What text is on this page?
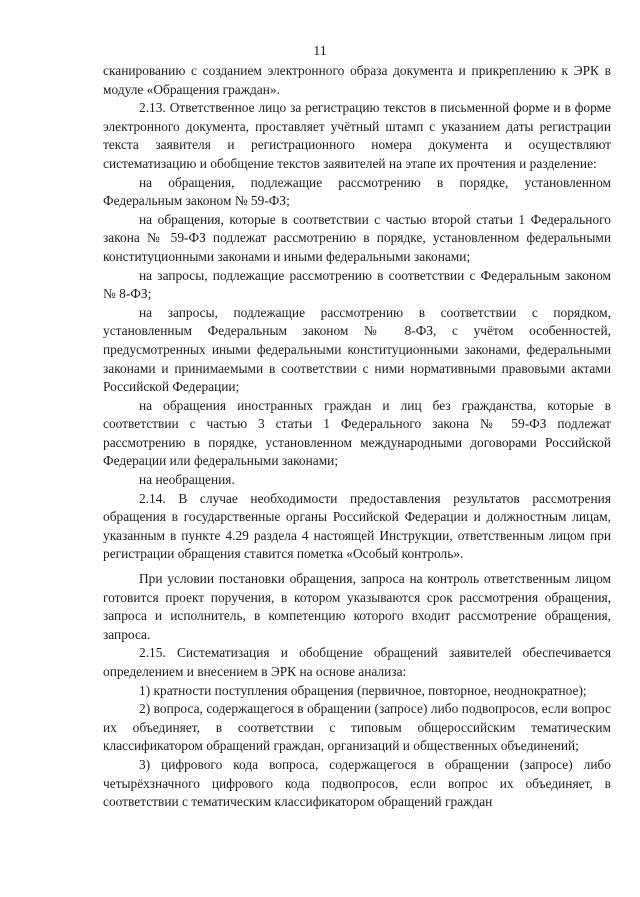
11

сканированию с созданием электронного образа документа и прикреплению к ЭРК в модуле «Обращения граждан».

2.13. Ответственное лицо за регистрацию текстов в письменной форме и в форме электронного документа, проставляет учётный штамп с указанием даты регистрации текста заявителя и регистрационного номера документа и осуществляют систематизацию и обобщение текстов заявителей на этапе их прочтения и разделение:

на обращения, подлежащие рассмотрению в порядке, установленном Федеральным законом № 59-ФЗ;

на обращения, которые в соответствии с частью второй статьи 1 Федерального закона № 59-ФЗ подлежат рассмотрению в порядке, установленном федеральными конституционными законами и иными федеральными законами;

на запросы, подлежащие рассмотрению в соответствии с Федеральным законом № 8-ФЗ;

на запросы, подлежащие рассмотрению в соответствии с порядком, установленным Федеральным законом № 8-ФЗ, с учётом особенностей, предусмотренных иными федеральными конституционными законами, федеральными законами и принимаемыми в соответствии с ними нормативными правовыми актами Российской Федерации;

на обращения иностранных граждан и лиц без гражданства, которые в соответствии с частью 3 статьи 1 Федерального закона № 59-ФЗ подлежат рассмотрению в порядке, установленном международными договорами Российской Федерации или федеральными законами;

на необращения.

2.14. В случае необходимости предоставления результатов рассмотрения обращения в государственные органы Российской Федерации и должностным лицам, указанным в пункте 4.29 раздела 4 настоящей Инструкции, ответственным лицом при регистрации обращения ставится пометка «Особый контроль».

При условии постановки обращения, запроса на контроль ответственным лицом готовится проект поручения, в котором указываются срок рассмотрения обращения, запроса и исполнитель, в компетенцию которого входит рассмотрение обращения, запроса.

2.15. Систематизация и обобщение обращений заявителей обеспечивается определением и внесением в ЭРК на основе анализа:

1) кратности поступления обращения (первичное, повторное, неоднократное);

2) вопроса, содержащегося в обращении (запросе) либо подвопросов, если вопрос их объединяет, в соответствии с типовым общероссийским тематическим классификатором обращений граждан, организаций и общественных объединений;

3) цифрового кода вопроса, содержащегося в обращении (запросе) либо четырёхзначного цифрового кода подвопросов, если вопрос их объединяет, в соответствии с тематическим классификатором обращений граждан
